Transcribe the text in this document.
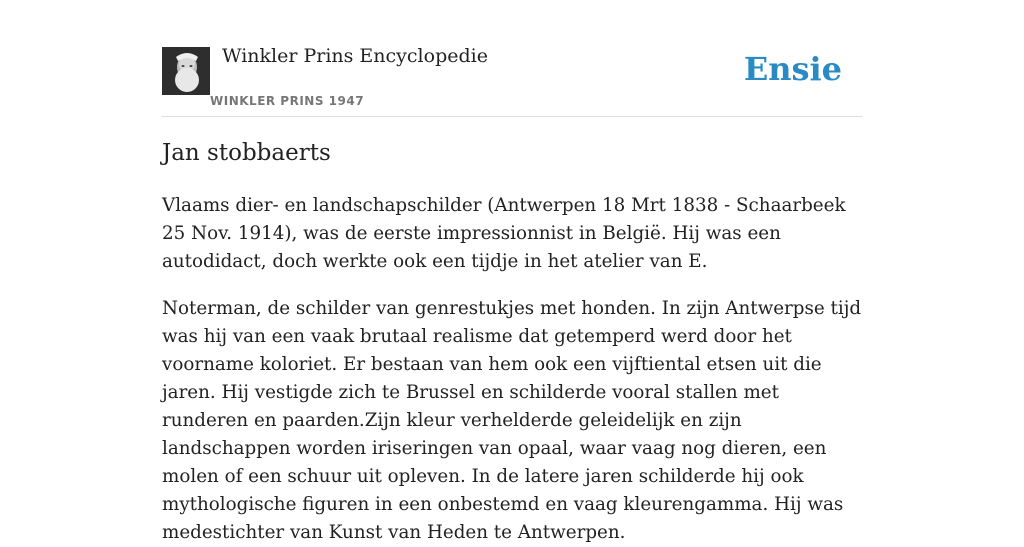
Winkler Prins Encyclopedie
WINKLER PRINS 1947
Ensie
Jan stobbaerts

Vlaams dier- en landschapschilder (Antwerpen 18 Mrt 1838 - Schaarbeek 25 Nov. 1914), was de eerste impressionnist in België. Hij was een autodidact, doch werkte ook een tijdje in het atelier van E.

Noterman, de schilder van genrestukjes met honden. In zijn Antwerpse tijd was hij van een vaak brutaal realisme dat getemperd werd door het voorname koloriet. Er bestaan van hem ook een vijftiental etsen uit die jaren. Hij vestigde zich te Brussel en schilderde vooral stallen met runderen en paarden.Zijn kleur verhelderde geleidelijk en zijn landschappen worden iriseringen van opaal, waar vaag nog dieren, een molen of een schuur uit opleven. In de latere jaren schilderde hij ook mythologische figuren in een onbestemd en vaag kleurengamma. Hij was medestichter van Kunst van Heden te Antwerpen.
